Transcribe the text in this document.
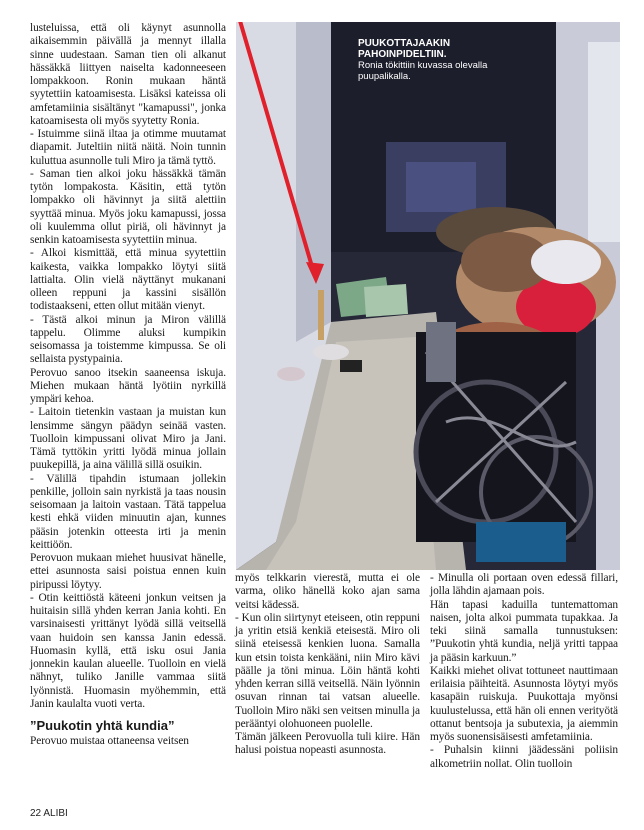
lusteluissa, että oli käynyt asunnolla aikaisemmin päivällä ja mennyt illalla sinne uudestaan. Saman tien oli alkanut hässäkkä liittyen naiselta kadonneeseen lompakkoon. Ronin mukaan häntä syytettiin katoamisesta. Lisäksi kateissa oli amfetamiinia sisältänyt "kamapussi", jonka katoamisesta oli myös syytetty Ronia.

- Istuimme siinä iltaa ja otimme muutamat diapamit. Juteltiin niitä näitä. Noin tunnin kuluttua asunnolle tuli Miro ja tämä tyttö.

- Saman tien alkoi joku hässäkkä tämän tytön lompakosta. Käsitin, että tytön lompakko oli hävinnyt ja siitä alettiin syyttää minua. Myös joku kamapussi, jossa oli kuulemma ollut piriä, oli hävinnyt ja senkin katoamisesta syytettiin minua.

- Alkoi kismittää, että minua syytettiin kaikesta, vaikka lompakko löytyi siitä lattialta. Olin vielä näyttänyt mukanani olleen reppuni ja kassini sisällön todistaakseni, etten ollut mitään vienyt.

- Tästä alkoi minun ja Miron välillä tappelu. Olimme aluksi kumpikin seisomassa ja toistemme kimpussa. Se oli sellaista pystypainia.

Perovuo sanoo itsekin saaneensa iskuja. Miehen mukaan häntä lyötiin nyrkillä ympäri kehoa.

- Laitoin tietenkin vastaan ja muistan kun lensimme sängyn päädyn seinää vasten. Tuolloin kimpussani olivat Miro ja Jani. Tämä tyttökin yritti lyödä minua jollain puukepillä, ja aina välillä sillä osuikin.

- Välillä tipahdin istumaan jollekin penkille, jolloin sain nyrkistä ja taas nousin seisomaan ja laitoin vastaan. Tätä tappelua kesti ehkä viiden minuutin ajan, kunnes pääsin jotenkin otteesta irti ja menin keittiöön.

Perovuon mukaan miehet huusivat hänelle, ettei asunnosta saisi poistua ennen kuin piripussi löytyy.

- Otin keittiöstä käteeni jonkun veitsen ja huitaisin sillä yhden kerran Jania kohti. En varsinaisesti yrittänyt lyödä sillä veitsellä vaan huidoin sen kanssa Janin edessä. Huomasin kyllä, että isku osui Janiа jonnekin kaulan alueelle. Tuolloin en vielä nähnyt, tuliko Janille vammaa siitä lyönnistä. Huomasin myöhemmin, että Janin kaulalta vuoti verta.

”Puukotin yhtä kundia”

Perovuo muistaa ottaneensa veitsen

PUUKOTTAJAAKIN PAHOINPIDELTIIN.
Ronia tökittiin kuvassa olevalla puupalikalla.

myös telkkarin vierestä, mutta ei ole varma, oliko hänellä koko ajan sama veitsi kädessä.

- Kun olin siirtynyt eteiseen, otin reppuni ja yritin etsiä kenkiä eteisestä. Miro oli siinä eteisessä kenkien luona. Samalla kun etsin toista kenkääni, niin Miro kävi päälle ja töni minua. Löin häntä kohti yhden kerran sillä veitsellä. Näin lyönnin osuvan rinnan tai vatsan alueelle. Tuolloin Miro näki sen veitsen minulla ja perääntyi olohuoneen puolelle.

Tämän jälkeen Perovuolla tuli kiire. Hän halusi poistua nopeasti asunnosta.

- Minulla oli portaan oven edessä fillari, jolla lähdin ajamaan pois.

Hän tapasi kaduilla tuntemattoman naisen, jolta alkoi pummata tupakkaa. Ja teki siinä samalla tunnustuksen: ”Puukotin yhtä kundia, neljä yritti tappaa ja pääsin karkuun.”

Kaikki miehet olivat tottuneet nauttimaan erilaisia päihteitä. Asunnosta löytyi myös kasapäin ruiskuja. Puukottaja myönsi kuulustelussa, että hän oli ennen verityötä ottanut bentsoja ja subutexia, ja aiemmin myös suonensisäisesti amfetamiinia.

- Puhalsin kiinni jäädessäni poliisin alkometriin nollat. Olin tuolloin

22 ALIBI
